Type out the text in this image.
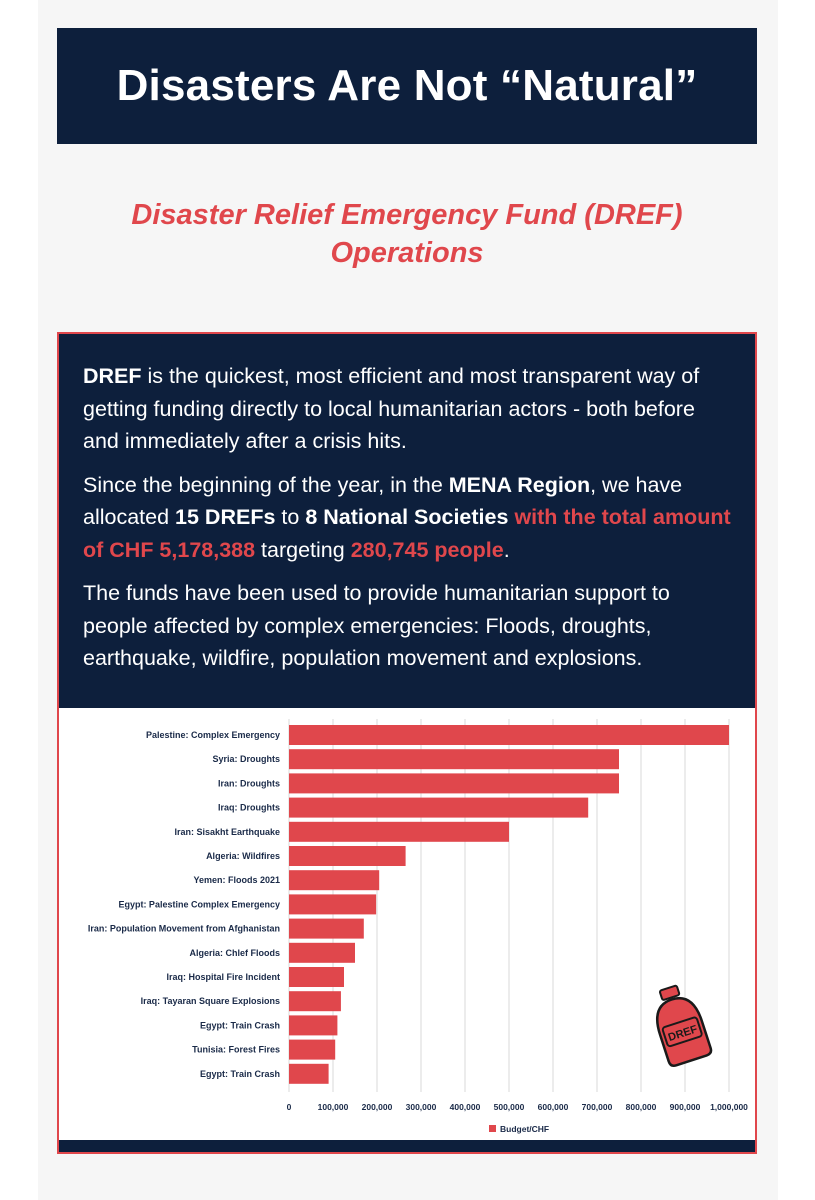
Disasters Are Not “Natural”
Disaster Relief Emergency Fund (DREF)
Operations

DREF is the quickest, most efficient and most transparent way of getting funding directly to local humanitarian actors - both before and immediately after a crisis hits.

Since the beginning of the year, in the MENA Region, we have allocated 15 DREFs to 8 National Societies with the total amount of CHF 5,178,388 targeting 280,745 people.

The funds have been used to provide humanitarian support to people affected by complex emergencies: Floods, droughts, earthquake, wildfire, population movement and explosions.

0	100,000 200,000 300,000 400,000 500,000 600,000 700,000 800,000 900,000 1,000,000
Palestine: Complex Emergency
Syria: Droughts
Iran: Droughts
Iraq: Droughts
Iran: Sisakht Earthquake
Algeria: Wildfires
Yemen: Floods 2021
Egypt: Palestine Complex Emergency
Iran: Population Movement from Afghanistan
Algeria: Chlef Floods
Iraq: Hospital Fire Incident
Iraq: Tayaran Square Explosions
Egypt: Train Crash
Tunisia: Forest Fires
Egypt: Train Crash
Budget/CHF
DREF
